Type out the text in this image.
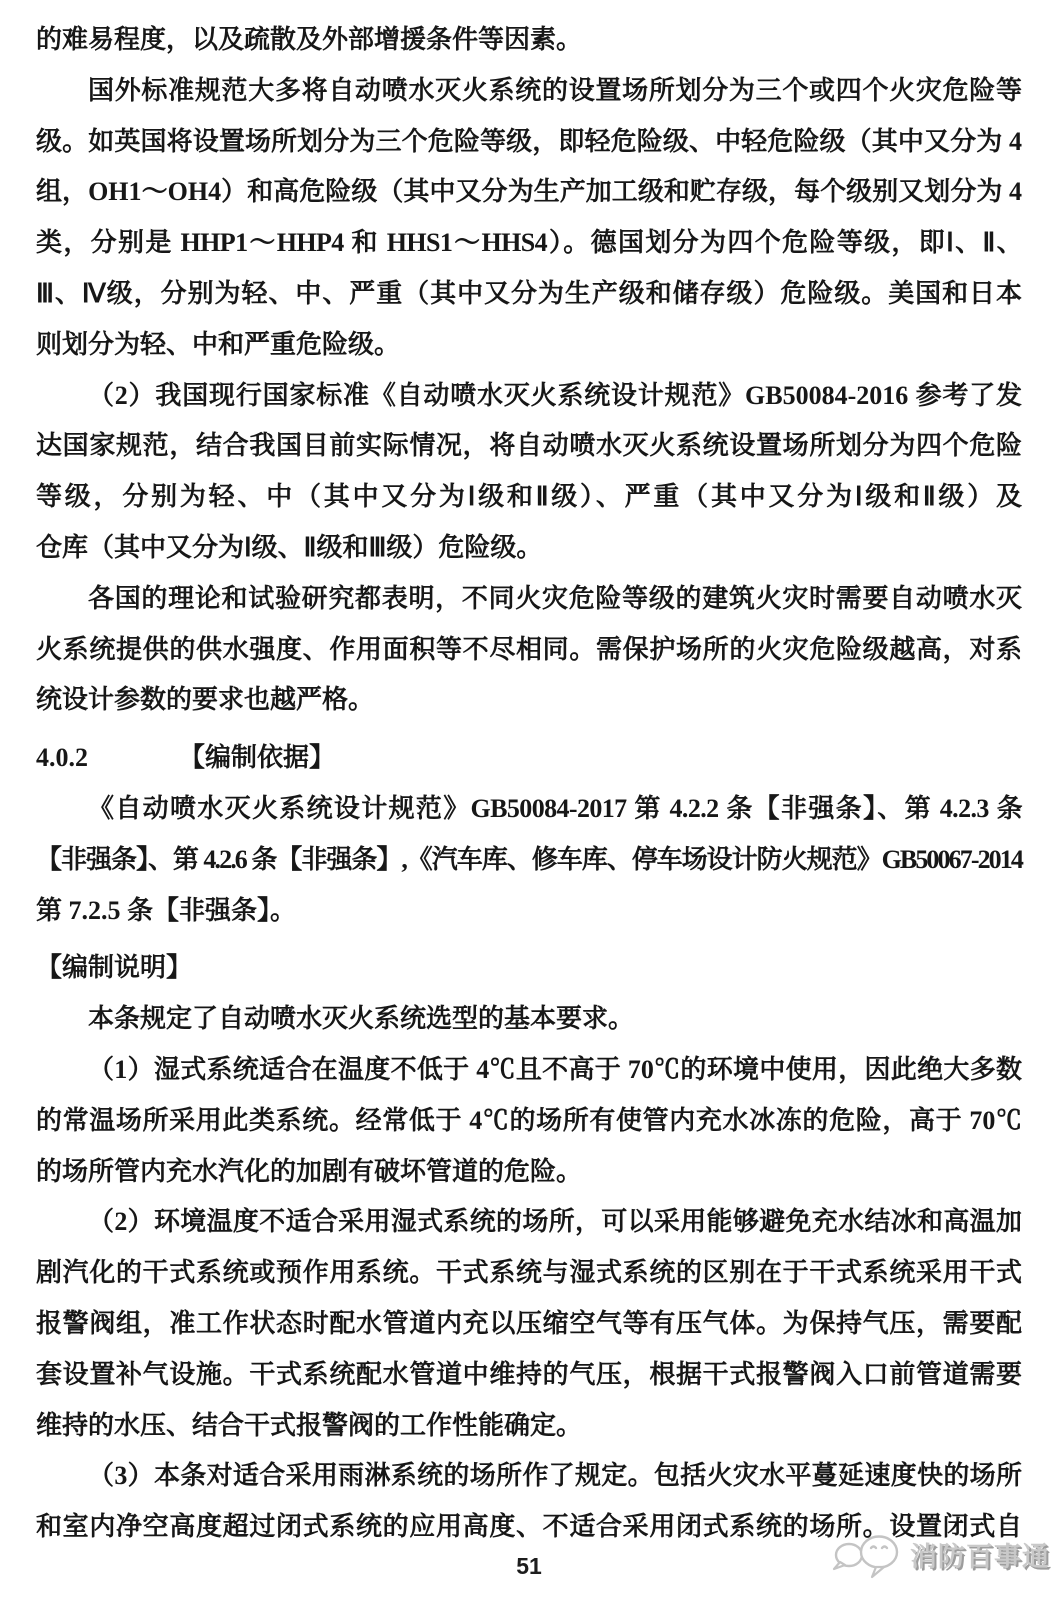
消防百事通
的难易程度，以及疏散及外部增援条件等因素。
国外标准规范大多将自动喷水灭火系统的设置场所划分为三个或四个火灾危险等
级。如英国将设置场所划分为三个危险等级，即轻危险级、中轻危险级（其中又分为 4
组，OH1～OH4）和高危险级（其中又分为生产加工级和贮存级，每个级别又划分为 4
类，分别是 HHP1～HHP4 和 HHS1～HHS4）。德国划分为四个危险等级，即Ⅰ、Ⅱ、
Ⅲ、Ⅳ级，分别为轻、中、严重（其中又分为生产级和储存级）危险级。美国和日本
则划分为轻、中和严重危险级。
（2）我国现行国家标准《自动喷水灭火系统设计规范》GB50084-2016 参考了发
达国家规范，结合我国目前实际情况，将自动喷水灭火系统设置场所划分为四个危险
等级，分别为轻、中（其中又分为Ⅰ级和Ⅱ级）、严重（其中又分为Ⅰ级和Ⅱ级）及
仓库（其中又分为Ⅰ级、Ⅱ级和Ⅲ级）危险级。
各国的理论和试验研究都表明，不同火灾危险等级的建筑火灾时需要自动喷水灭
火系统提供的供水强度、作用面积等不尽相同。需保护场所的火灾危险级越高，对系
统设计参数的要求也越严格。
4.0.2　　　　【编制依据】
《自动喷水灭火系统设计规范》GB50084-2017 第 4.2.2 条【非强条】、第 4.2.3 条
【非强条】、第 4.2.6 条【非强条】,《汽车库、修车库、停车场设计防火规范》GB50067-2014
第 7.2.5 条【非强条】。
【编制说明】
本条规定了自动喷水灭火系统选型的基本要求。
（1）湿式系统适合在温度不低于 4℃且不高于 70℃的环境中使用，因此绝大多数
的常温场所采用此类系统。经常低于 4℃的场所有使管内充水冰冻的危险，高于 70℃
的场所管内充水汽化的加剧有破坏管道的危险。
（2）环境温度不适合采用湿式系统的场所，可以采用能够避免充水结冰和高温加
剧汽化的干式系统或预作用系统。干式系统与湿式系统的区别在于干式系统采用干式
报警阀组，准工作状态时配水管道内充以压缩空气等有压气体。为保持气压，需要配
套设置补气设施。干式系统配水管道中维持的气压，根据干式报警阀入口前管道需要
维持的水压、结合干式报警阀的工作性能确定。
（3）本条对适合采用雨淋系统的场所作了规定。包括火灾水平蔓延速度快的场所
和室内净空高度超过闭式系统的应用高度、不适合采用闭式系统的场所。设置闭式自
51
